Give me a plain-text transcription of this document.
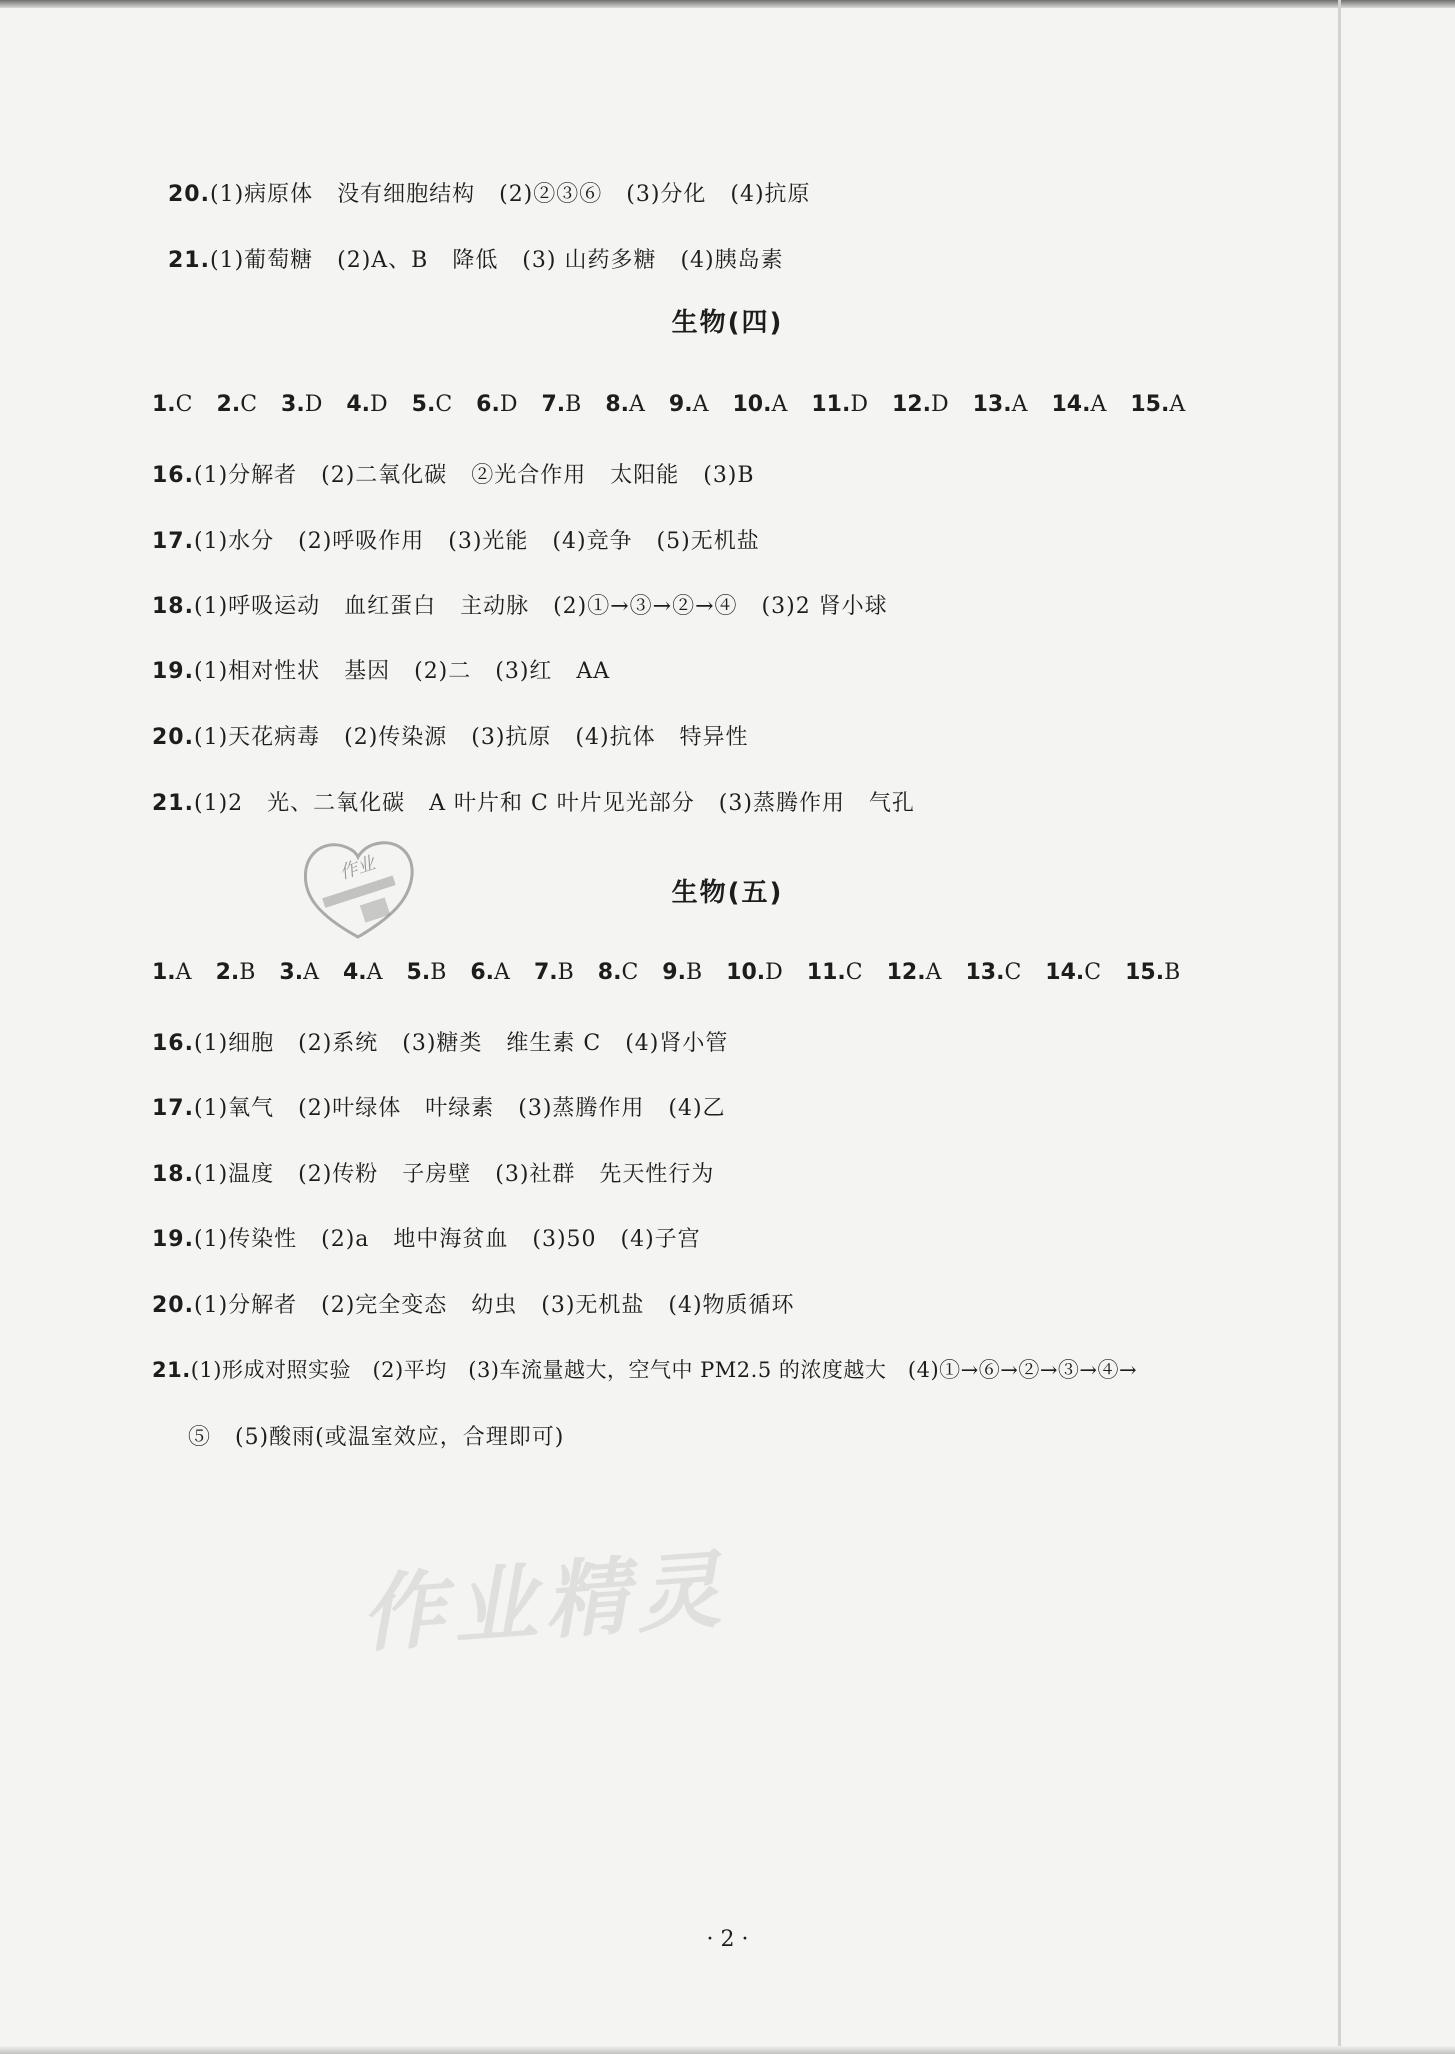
20.(1)病原体   没有细胞结构   (2)②③⑥   (3)分化   (4)抗原

21.(1)葡萄糖   (2)A、B   降低   (3) 山药多糖   (4)胰岛素

生物(四)
1.C 2.C 3.D 4.D 5.C 6.D 7.B 8.A 9.A 10.A 11.D 12.D 13.A 14.A 15.A
16.(1)分解者   (2)二氧化碳   ②光合作用   太阳能   (3)B
17.(1)水分   (2)呼吸作用   (3)光能   (4)竞争   (5)无机盐
18.(1)呼吸运动   血红蛋白   主动脉   (2)①→③→②→④   (3)2 肾小球
19.(1)相对性状   基因   (2)二   (3)红   AA
20.(1)天花病毒   (2)传染源   (3)抗原   (4)抗体   特异性
21.(1)2   光、二氧化碳   A 叶片和 C 叶片见光部分   (3)蒸腾作用   气孔
作业
生物(五)
1.A 2.B 3.A 4.A 5.B 6.A 7.B 8.C 9.B 10.D 11.C 12.A 13.C 14.C 15.B
16.(1)细胞   (2)系统   (3)糖类   维生素 C   (4)肾小管
17.(1)氧气   (2)叶绿体   叶绿素   (3)蒸腾作用   (4)乙
18.(1)温度   (2)传粉   子房壁   (3)社群   先天性行为
19.(1)传染性   (2)a   地中海贫血   (3)50   (4)子宫
20.(1)分解者   (2)完全变态   幼虫   (3)无机盐   (4)物质循环
21.(1)形成对照实验   (2)平均   (3)车流量越大，空气中 PM2.5 的浓度越大   (4)①→⑥→②→③→④→
⑤   (5)酸雨(或温室效应，合理即可)
作业精灵
· 2 ·
